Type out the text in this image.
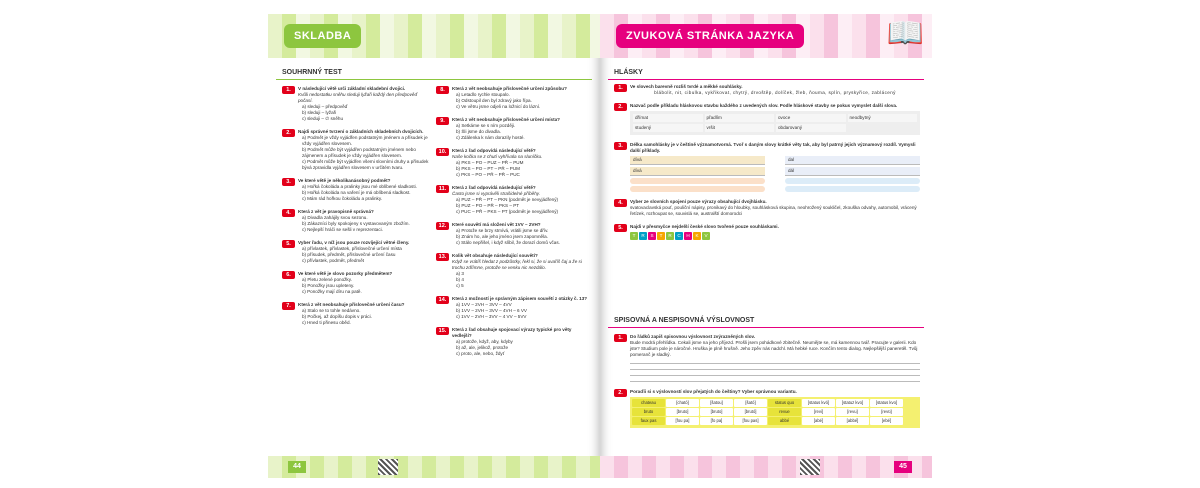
SKLADBA
SOUHRNNÝ TEST
1.	V následující větě urči základní skladební dvojici.
Kvůli nedostatku sněhu sleduji lyžaři každý den předpověď počasí.
a) sleduji – předpověď
b) sleduji – lyžaři
c) sleduji – ∅ sněhu
2.	Najdi správné tvrzení o základních skladebních dvojicích.
a) Podmět je vždy vyjádřen podstatným jménem a přísudek je vždy vyjádřen slovesem.
b) Podmět může být vyjádřen podstatným jménem nebo zájmenem a přísudek je vždy vyjádřen slovesem.
c) Podmět může být vyjádřen všemi slovními druhy a přísudek bývá zpravidla vyjádřen slovesem v určitém tvaru.
3.	Ve které větě je několikanásobný podmět?
a) Hořká čokoláda a pralinky jsou mé oblíbené sladkosti.
b) Hořká čokoláda na vaření je má oblíbená sladkost.
c) Mám rád hořkou čokoládu a pralinky.
4.	Která z vět je pravopisně správná?
a) Divadla zahájily svou sezonu.
b) Zákazníci byly spokojeny s vystavovaným zbožím.
c) Nejlepší hráči se sešli v reprezentaci.
5.	Vyber řadu, v níž jsou pouze rozvíjející větné členy.
a) přívlastek, přívlastek, příslovečné určení místa
b) přísudek, předmět, příslovečné určení času
c) přívlastek, podmět, předmět
6.	Ve které větě je slovo pozorky předmětem?
a) Pletu zelené ponožky.
b) Ponožky jsou upleteny.
c) Ponožky mají díru na patě.
7.	Která z vět neobsahuje příslovečné určení času?
a) Stalo se to tohle nedávno.
b) Počkej, až dopíšu dopis v práci.
c) Hned ti přinesu oběd.
8.	Která z vět neobsahuje příslovečné určení způsobu?
a) Letadlo rychle stoupalo.
b) Odstoupil den byl zdravý jako řípa.
c) Ve větru jsme odjeli na ložnicí do lázní.
9.	Která z vět neobsahuje příslovečné určení místa?
a) Setkáme se s ním později.
b) Šli jsme do divadla.
c) Zdálenka k nám dorazily hosté.
10.	Která z řad odpovídá následující větě?
Naše kočka se z chutí vyhřívala na sluníčku.
a) PKS – PO – PUZ – PŘ – PUM
b) PKS – PO – PT – PŘ – PUM
c) PKS – PO – PŘ – PŘ – PUC
11.	Která z řad odpovídá následující větě?
Často jsme si vyprávěli strašidelné příběhy.
a) PUZ – PŘ – PT – PKN (podmět je nevyjádřený)
b) PUZ – PO – PŘ – PKS – PT
c) PUC – PŘ – PKS – PT (podmět je nevyjádřený)
12.	Které souvětí má složení vět 1VV – 2VH?
a) Protože se brzy stmívá, vrátili jsme se dřív.
b) Znám ho, ale jeho jméno jsem zapomněla.
c) Stálo nepřišel, i když slíbil, že dorazí domů včas.
13.	Kolik vět obsahuje následující souvětí?
Když se vrátíš hledat z podzůstky, řekl si, že si uvaříš čaj a že si trochu zdřímne, protože se venku nic nezdálo.
a) 3
b) 4
c) 5
14.	Která z možností je správným zápisem souvětí z otázky č. 13?
a) 1VV – 2VH – 3VV – 4VV
b) 1VV – 2VH – 3VV – 4VH – 6 VV
c) 1VV – 2VH – 3VV – 4 VV – 5VV
15.	Která z řad obsahuje spojovací výrazy typické pro věty vedlejší?
a) protože, když, aby, kdyby
b) až, ale, jelikož, protože
c) proto, ale, nebo, ždyť
44
ZVUKOVÁ STRÁNKA JAZYKA	📖
HLÁSKY
1.	Ve slovech barevně rozliš tvrdé a měkké souhlásky.
blábolit, nit, cibulka, vykřikovat, chytrý, drvoštěp, dolíček, žleb, ňouma, splín, pryskyřice, zablácený
2.	Nazvač podle příkladu hláskovou stavbu každého z uvedených slov. Podle hláskové stavby se pokus vymyslet další slova.
dřímat	přadlím	ovoce	neodbytný
studený	vršit	obdarovaný
3.	Délka samohlásky je v češtině významotvorná. Tvoř s daným slovy krátké věty tak, aby byl patrný jejich významový rozdíl. Vymysli další příklady.
dívá	dal
dívá	dál
4.	Vyber ze slovních spojení pouze výrazy obsahující dvojhlásku.
svatovaclavská pouť, pouliční nápisy, pronikavý do hloubky, souhlásková skupina, neohrožený soukličel, zkouška odvahy, automobil, vrácený řetízek, rozhoupat se, souvislá se, australští domorodci
5.	Najdi v přesmyčce nejdelší české slovo tvořené pouze souhláskami.
T	R	S	T	R	C	H	K	V
SPISOVNÁ A NESPISOVNÁ VÝSLOVNOST
1.	Do řádků zapiš spisovnou výslovnost zvýrazněných slov.
Bude modrá přehlídka. Cekali jsme na jeho příjezd. Prošli jsem pohádkové zbitečně. Neumějte se, má kamennou tvář. Pracujte v galerii. Kdo jste? Studium pole je náročné. Hruška je plně hrušně. Jeho zpěv nás nadchl. Má hebké ruce. Končím tento dialog. Nejlepšější paneretěl. Tvůj pomeranč je sladký.
2.	Poraďíi si s výslovností slov přejatých do češtiny? Vyber správnou variantu.
chateau	[cható]	[šatou]	[šató]	status quo	[status kvó]	[statuz kvo]	[status kvo]
bruto	[bruto]	[bruto]	[brutó]	revue	[revi]	[revu]	[revü]
faux pas	[fou pa]	[fo pa]	[fou pas]	abbé	[abé]	[abbé]	[ebé]
45
